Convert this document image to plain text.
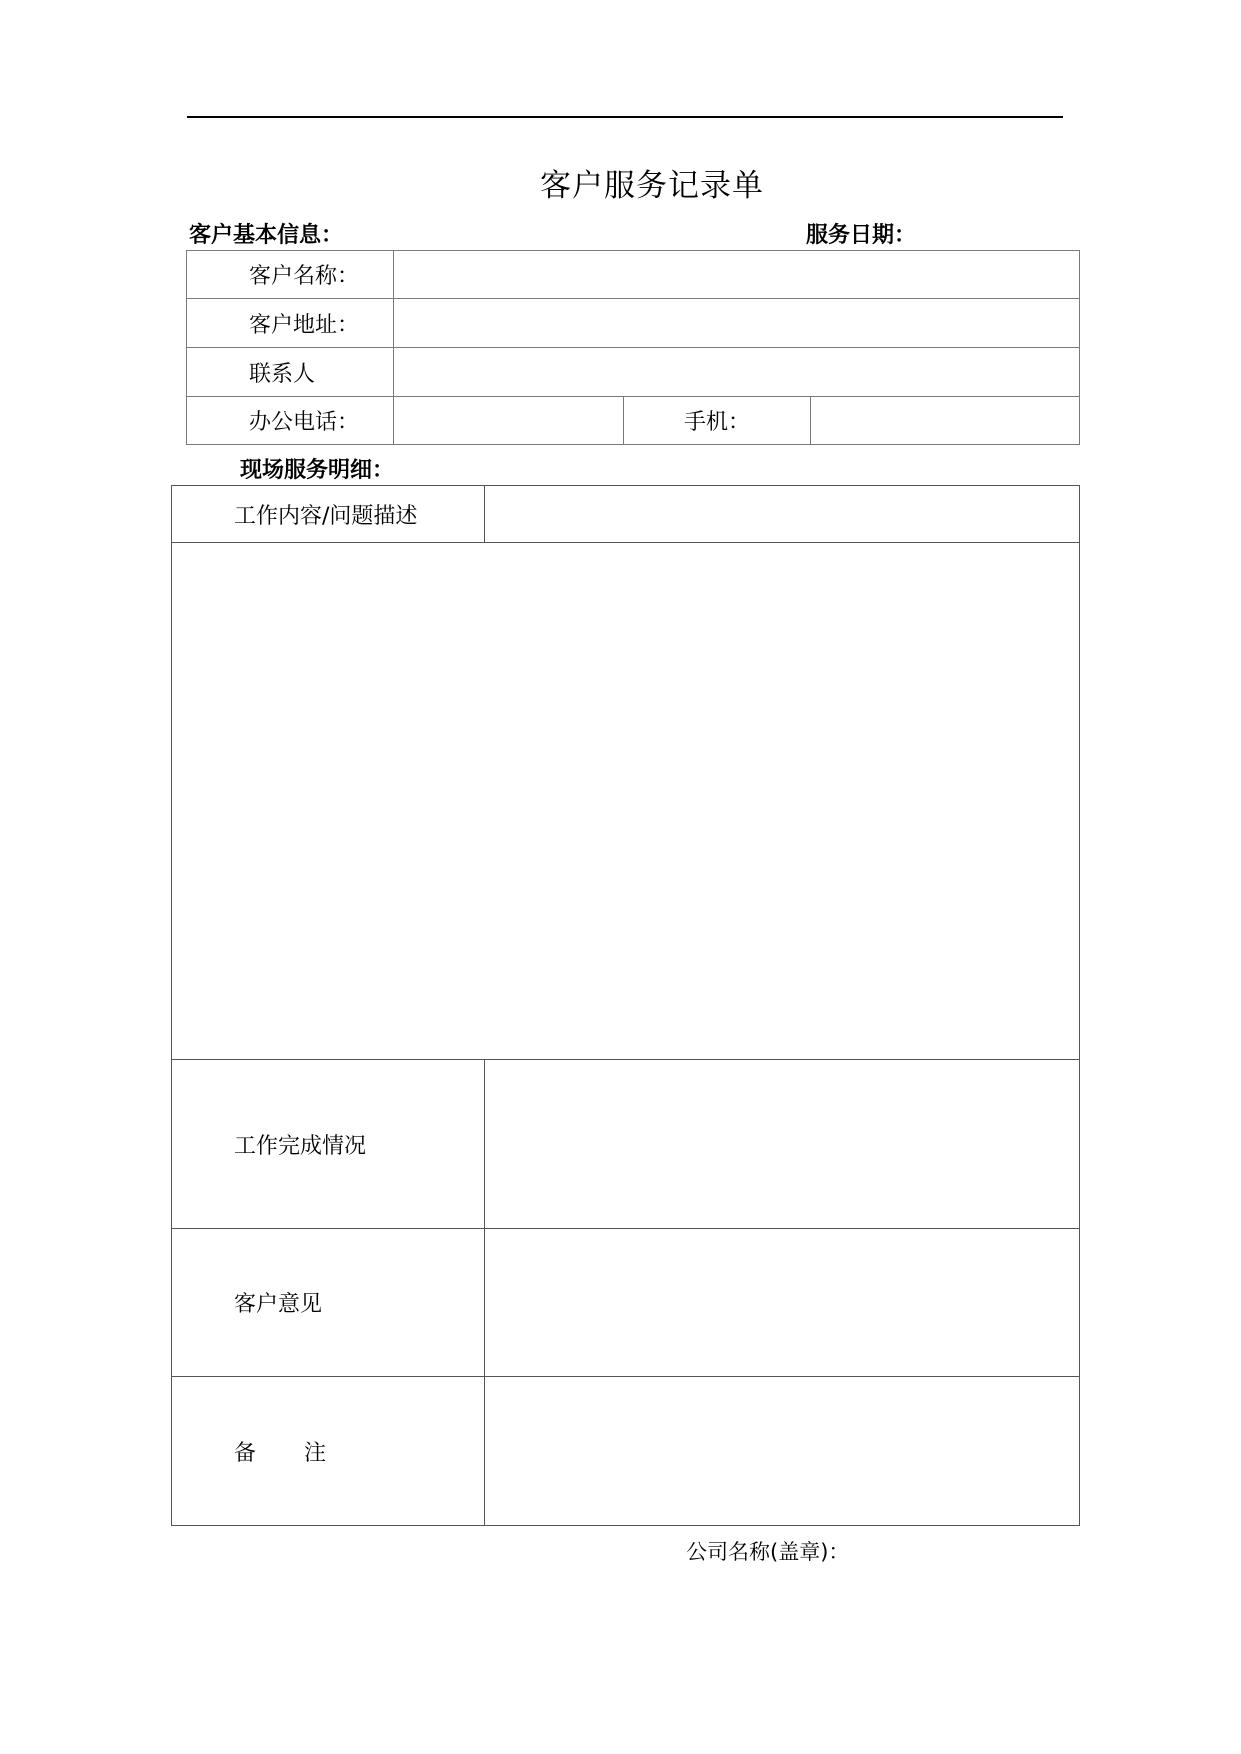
客户服务记录单
客户基本信息：	服务日期：
客户名称：			
客户地址：			
联系人			
办公电话：		手机：	
现场服务明细：
工作内容/问题描述	

工作完成情况	
客户意见	
备 注	
公司名称(盖章)：
